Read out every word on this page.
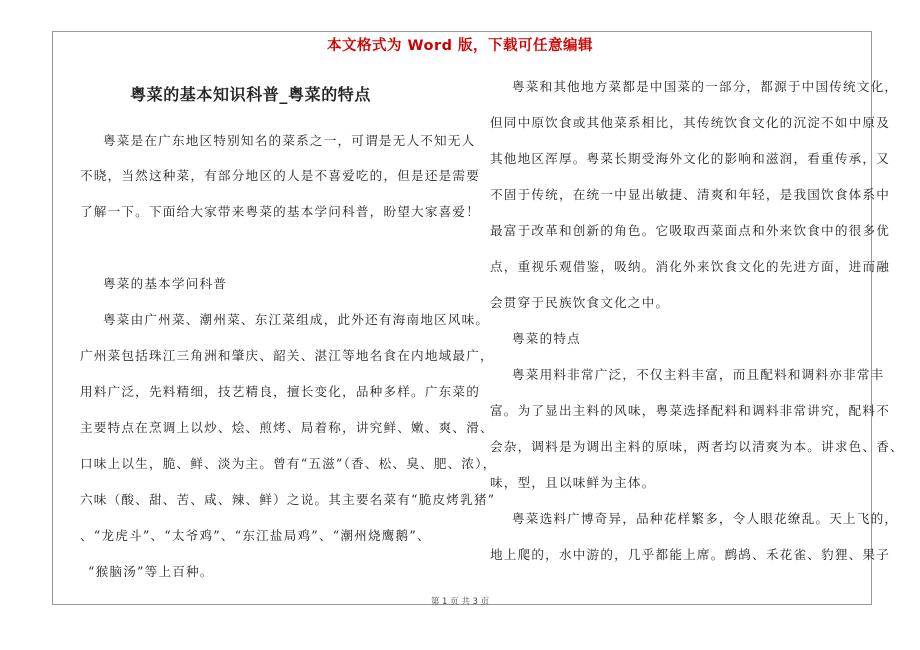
本文格式为 Word 版，下载可任意编辑
粤菜的基本知识科普_粤菜的特点
粤菜是在广东地区特别知名的菜系之一，可谓是无人不知无人
不晓，当然这种菜，有部分地区的人是不喜爱吃的，但是还是需要
了解一下。下面给大家带来粤菜的基本学问科普，盼望大家喜爱！
粤菜的基本学问科普
粤菜由广州菜、潮州菜、东江菜组成，此外还有海南地区风味。
广州菜包括珠江三角洲和肇庆、韶关、湛江等地名食在内地域最广，
用料广泛，先料精细，技艺精良，擅长变化，品种多样。广东菜的
主要特点在烹调上以炒、烩、煎烤、局着称，讲究鲜、嫩、爽、滑、
口味上以生，脆、鲜、淡为主。曾有“五滋”（香、松、臭、肥、浓），
六味（酸、甜、苦、咸、辣、鲜）之说。其主要名菜有“脆皮烤乳猪”
、“龙虎斗”、“太爷鸡”、“东江盐局鸡”、“潮州烧鹰鹅”、
“猴脑汤”等上百种。
粤菜和其他地方菜都是中国菜的一部分，都源于中国传统文化，
但同中原饮食或其他菜系相比，其传统饮食文化的沉淀不如中原及
其他地区浑厚。粤菜长期受海外文化的影响和滋润，看重传承，又
不固于传统，在统一中显出敏捷、清爽和年轻，是我国饮食体系中
最富于改革和创新的角色。它吸取西菜面点和外来饮食中的很多优
点，重视乐观借鉴，吸纳。消化外来饮食文化的先进方面，进而融
会贯穿于民族饮食文化之中。
粤菜的特点
粤菜用料非常广泛，不仅主料丰富，而且配料和调料亦非常丰
富。为了显出主料的风味，粤菜选择配料和调料非常讲究，配料不
会杂，调料是为调出主料的原味，两者均以清爽为本。讲求色、香、
味，型，且以味鲜为主体。
粤菜选料广博奇异，品种花样繁多，令人眼花缭乱。天上飞的，
地上爬的，水中游的，几乎都能上席。鹧鸪、禾花雀、豹狸、果子
第 1 页 共 3 页
